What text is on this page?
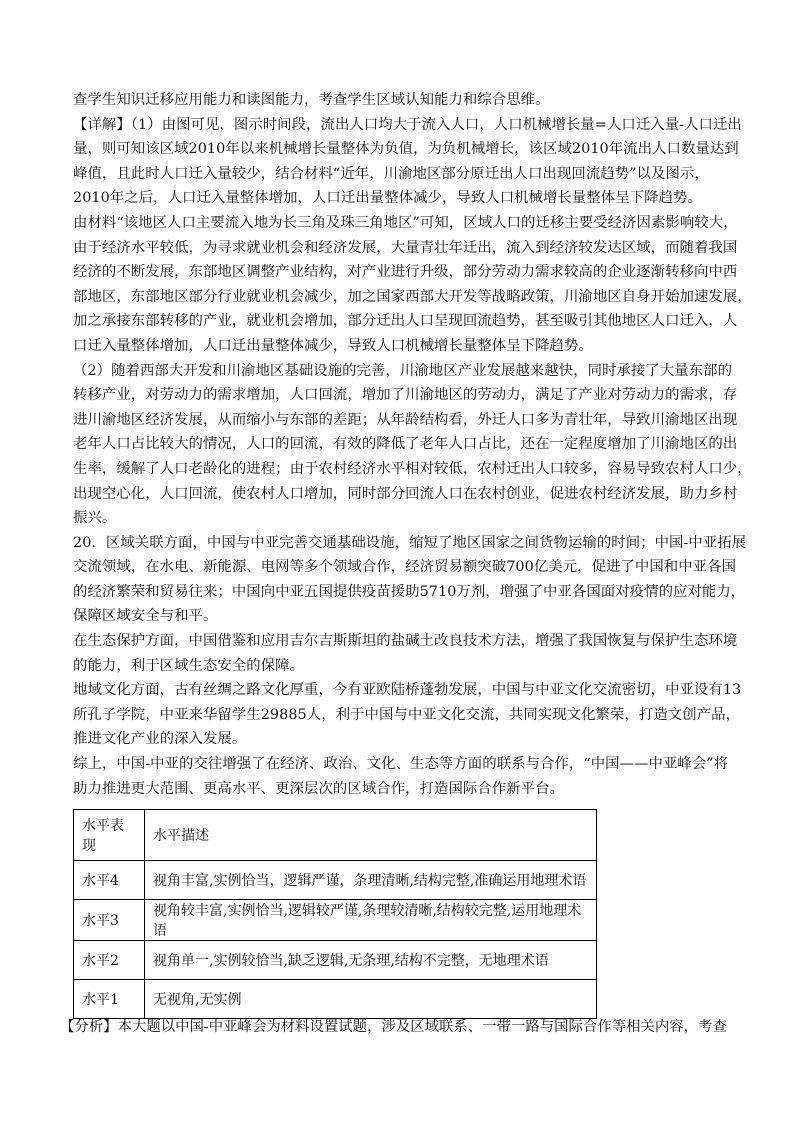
查学生知识迁移应用能力和读图能力，考查学生区域认知能力和综合思维。
【详解】（1）由图可见，图示时间段，流出人口均大于流入人口，人口机械增长量=人口迁入量-人口迁出
量，则可知该区域2010年以来机械增长量整体为负值，为负机械增长，该区域2010年流出人口数量达到
峰值，且此时人口迁入量较少，结合材料“近年，川渝地区部分原迁出人口出现回流趋势”以及图示，
2010年之后，人口迁入量整体增加，人口迁出量整体减少，导致人口机械增长量整体呈下降趋势。
由材料“该地区人口主要流入地为长三角及珠三角地区”可知，区域人口的迁移主要受经济因素影响较大，
由于经济水平较低，为寻求就业机会和经济发展，大量青壮年迁出，流入到经济较发达区域，而随着我国
经济的不断发展，东部地区调整产业结构，对产业进行升级，部分劳动力需求较高的企业逐渐转移向中西
部地区，东部地区部分行业就业机会减少，加之国家西部大开发等战略政策，川渝地区自身开始加速发展，
加之承接东部转移的产业，就业机会增加，部分迁出人口呈现回流趋势，甚至吸引其他地区人口迁入，人
口迁入量整体增加，人口迁出量整体减少，导致人口机械增长量整体呈下降趋势。
（2）随着西部大开发和川渝地区基础设施的完善，川渝地区产业发展越来越快，同时承接了大量东部的
转移产业，对劳动力的需求增加，人口回流，增加了川渝地区的劳动力，满足了产业对劳动力的需求，存
进川渝地区经济发展，从而缩小与东部的差距；从年龄结构看，外迁人口多为青壮年，导致川渝地区出现
老年人口占比较大的情况，人口的回流，有效的降低了老年人口占比，还在一定程度增加了川渝地区的出
生率，缓解了人口老龄化的进程；由于农村经济水平相对较低，农村迁出人口较多，容易导致农村人口少，
出现空心化，人口回流，使农村人口增加，同时部分回流人口在农村创业，促进农村经济发展，助力乡村
振兴。
20．区域关联方面，中国与中亚完善交通基础设施，缩短了地区国家之间货物运输的时间；中国-中亚拓展
交流领域，在水电、新能源、电网等多个领域合作，经济贸易额突破700亿美元，促进了中国和中亚各国
的经济繁荣和贸易往来；中国向中亚五国提供疫苗援助5710万剂，增强了中亚各国面对疫情的应对能力，
保障区域安全与和平。
在生态保护方面，中国借鉴和应用吉尔吉斯斯坦的盐碱土改良技术方法，增强了我国恢复与保护生态环境
的能力，利于区域生态安全的保障。
地域文化方面，古有丝绸之路文化厚重，今有亚欧陆桥蓬勃发展，中国与中亚文化交流密切，中亚设有13
所孔子学院，中亚来华留学生29885人，利于中国与中亚文化交流，共同实现文化繁荣，打造文创产品，
推进文化产业的深入发展。
综上，中国-中亚的交往增强了在经济、政治、文化、生态等方面的联系与合作，“中国——中亚峰会”将
助力推进更大范围、更高水平、更深层次的区域合作，打造国际合作新平台。
水平表现	水平描述
水平4	视角丰富,实例恰当，逻辑严谨，条理清晰,结构完整,准确运用地理术语
水平3	视角较丰富,实例恰当,逻辑较严谨,条理较清晰,结构较完整,运用地理术语
水平2	视角单一,实例较恰当,缺乏逻辑,无条理,结构不完整，无地理术语
水平1	无视角,无实例
【分析】本大题以中国-中亚峰会为材料设置试题，涉及区域联系、一带一路与国际合作等相关内容，考查
